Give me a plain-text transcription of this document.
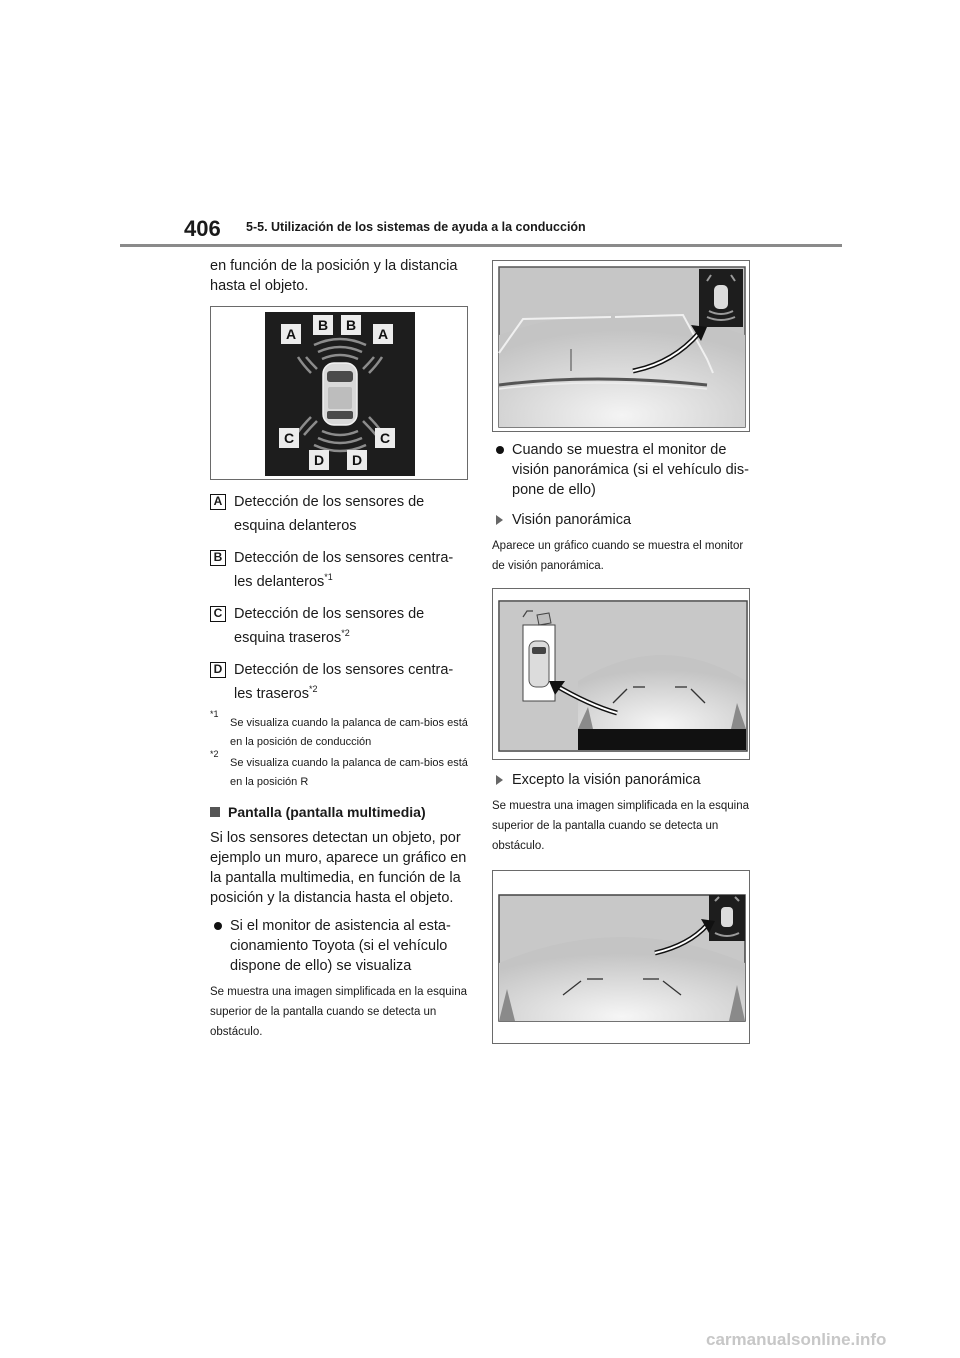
406 5-5. Utilización de los sistemas de ayuda a la conducción

en función de la posición y la distancia hasta el objeto.

A
B B
A
C	C
D D
A Detección de los sensores de esquina delanteros
B Detección de los sensores centra-les delanteros$^{*1}$
C Detección de los sensores de esquina traseros$^{*2}$
D Detección de los sensores centra-les traseros$^{*2}$
*1
Se visualiza cuando la palanca de cam-bios está en la posición de conducción
*2
Se visualiza cuando la palanca de cam-bios está en la posición R
Pantalla (pantalla multimedia)

Si los sensores detectan un objeto, por ejemplo un muro, aparece un gráfico en la pantalla multimedia, en función de la posición y la distancia hasta el objeto.

Si el monitor de asistencia al esta-cionamiento Toyota (si el vehículo dispone de ello) se visualiza

Se muestra una imagen simplificada en la esquina superior de la pantalla cuando se detecta un obstáculo.

Cuando se muestra el monitor de visión panorámica (si el vehículo dis-pone de ello)
Visión panorámica

Aparece un gráfico cuando se muestra el monitor de visión panorámica.

Excepto la visión panorámica

Se muestra una imagen simplificada en la esquina superior de la pantalla cuando se detecta un obstáculo.

carmanualsonline.info
